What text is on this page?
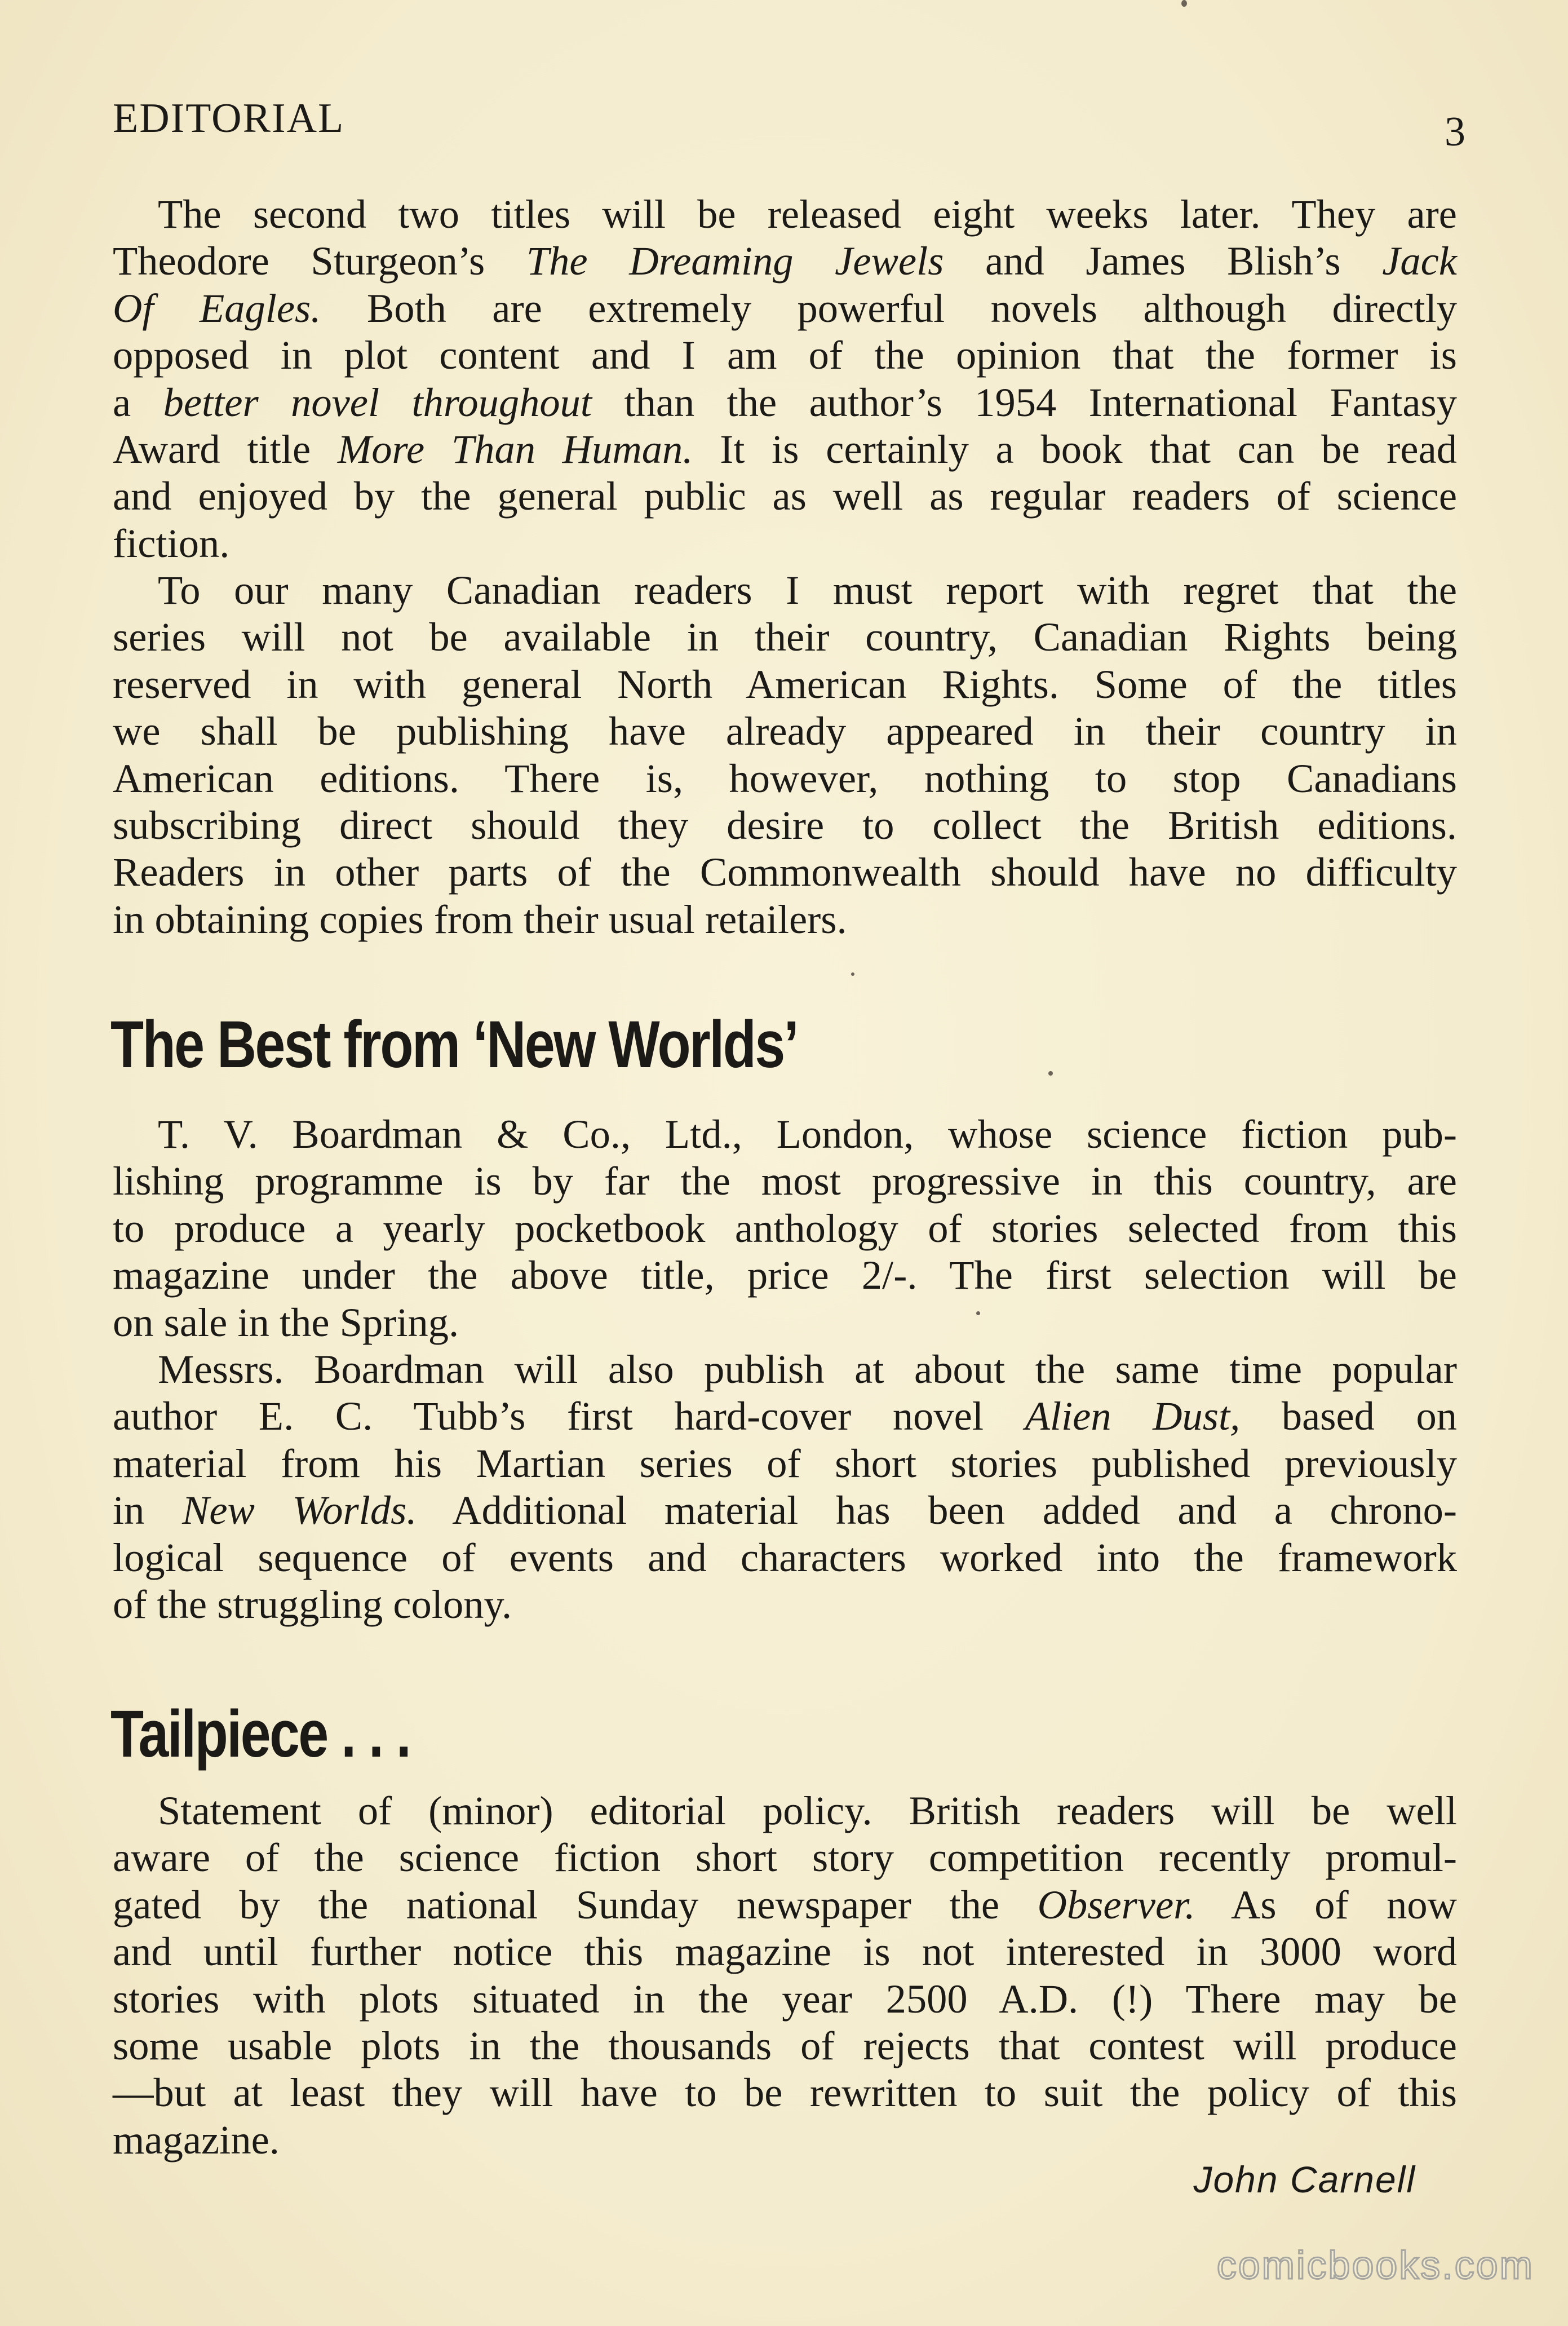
EDITORIAL	3
The second two titles will be released eight weeks later. They are
Theodore Sturgeon’s The Dreaming Jewels and James Blish’s Jack
Of Eagles. Both are extremely powerful novels although directly
opposed in plot content and I am of the opinion that the former is
a better novel throughout than the author’s 1954 International Fantasy
Award title More Than Human. It is certainly a book that can be read
and enjoyed by the general public as well as regular readers of science
fiction.
To our many Canadian readers I must report with regret that the
series will not be available in their country, Canadian Rights being
reserved in with general North American Rights. Some of the titles
we shall be publishing have already appeared in their country in
American editions. There is, however, nothing to stop Canadians
subscribing direct should they desire to collect the British editions.
Readers in other parts of the Commonwealth should have no difficulty
in obtaining copies from their usual retailers.
The Best from ‘New Worlds’
T. V. Boardman & Co., Ltd., London, whose science fiction pub-
lishing programme is by far the most progressive in this country, are
to produce a yearly pocketbook anthology of stories selected from this
magazine under the above title, price 2/-. The first selection will be
on sale in the Spring.
Messrs. Boardman will also publish at about the same time popular
author E. C. Tubb’s first hard-cover novel Alien Dust, based on
material from his Martian series of short stories published previously
in New Worlds. Additional material has been added and a chrono-
logical sequence of events and characters worked into the framework
of the struggling colony.
Tailpiece . . .
Statement of (minor) editorial policy. British readers will be well
aware of the science fiction short story competition recently promul-
gated by the national Sunday newspaper the Observer. As of now
and until further notice this magazine is not interested in 3000 word
stories with plots situated in the year 2500 A.D. (!) There may be
some usable plots in the thousands of rejects that contest will produce
—but at least they will have to be rewritten to suit the policy of this
magazine.
John Carnell
comicbooks.com
